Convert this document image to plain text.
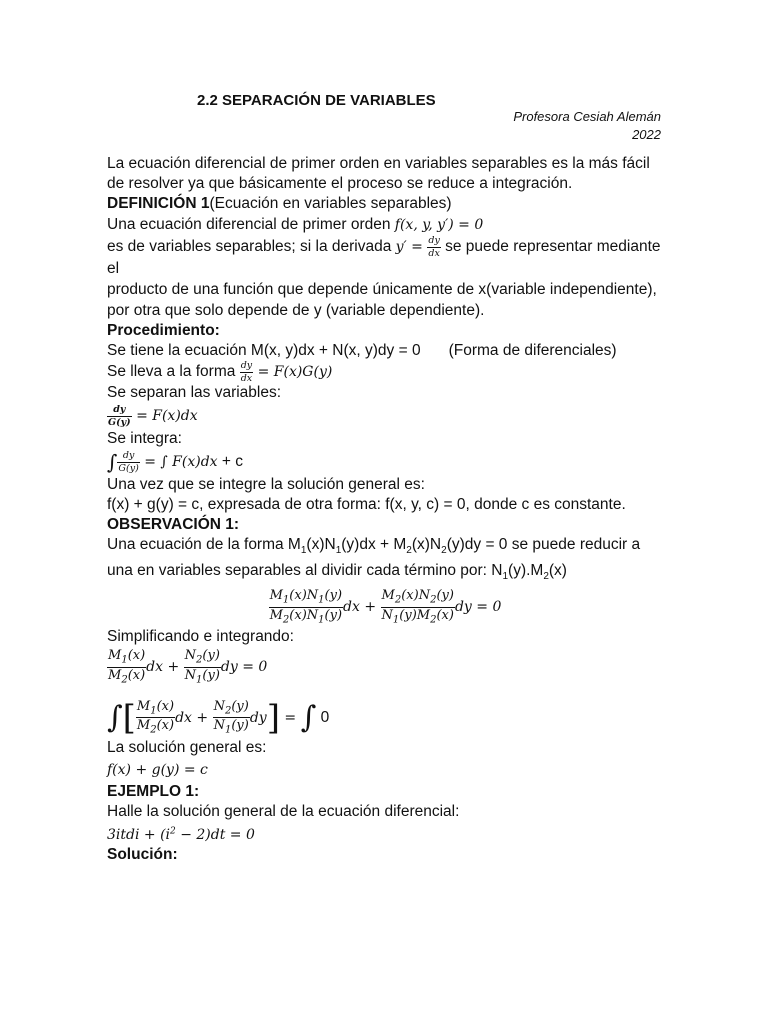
2.2 SEPARACIÓN DE VARIABLES
Profesora Cesiah Alemán
2022

La ecuación diferencial de primer orden en variables separables es la más fácil de resolver ya que básicamente el proceso se reduce a integración.

DEFINICIÓN 1(Ecuación en variables separables)

Una ecuación diferencial de primer orden f(x, y, y′) = 0
es de variables separables; si la derivada $y' = \frac{dy}{dx}$ se puede representar mediante el
producto de una función que depende únicamente de x(variable independiente), por otra que solo depende de y (variable dependiente).

Procedimiento:
Se tiene la ecuación M(x, y)dx + N(x, y)dy = 0 (Forma de diferenciales)
Se lleva a la forma $\frac{dy}{dx} = F(x)G(y)$
Se separan las variables:

$\frac{dy}{G(y)} = F(x)dx$

Se integra:

∫ $\frac{dy}{G(y)}$ = ∫ F(x)dx + c

Una vez que se integre la solución general es:
f(x) + g(y) = c, expresada de otra forma: f(x, y, c) = 0, donde c es constante.

OBSERVACIÓN 1:
Una ecuación de la forma $M_1(x)N_1(y)dx + M_2(x)N_2(y)dy = 0$ se puede reducir a una en variables separables al dividir cada término por: $N_1(y).M_2(x)$

$\frac{M_1(x)N_1(y)}{M_2(x)N_1(y)}$ dx + $\frac{M_2(x)N_2(y)}{N_1(y)M_2(x)}$ dy = 0

Simplificando e integrando:

$\frac{M_1(x)}{M_2(x)}$ dx + $\frac{N_2(y)}{N_1(y)}$ dy = 0
∫[ $\frac{M_1(x)}{M_2(x)}$ dx + $\frac{N_2(y)}{N_1(y)} dy$] = ∫ 0

La solución general es:

f(x) + g(y) = c

EJEMPLO 1:
Halle la solución general de la ecuación diferencial:

3itdi + $(i^2 - 2)dt = 0$

Solución:
